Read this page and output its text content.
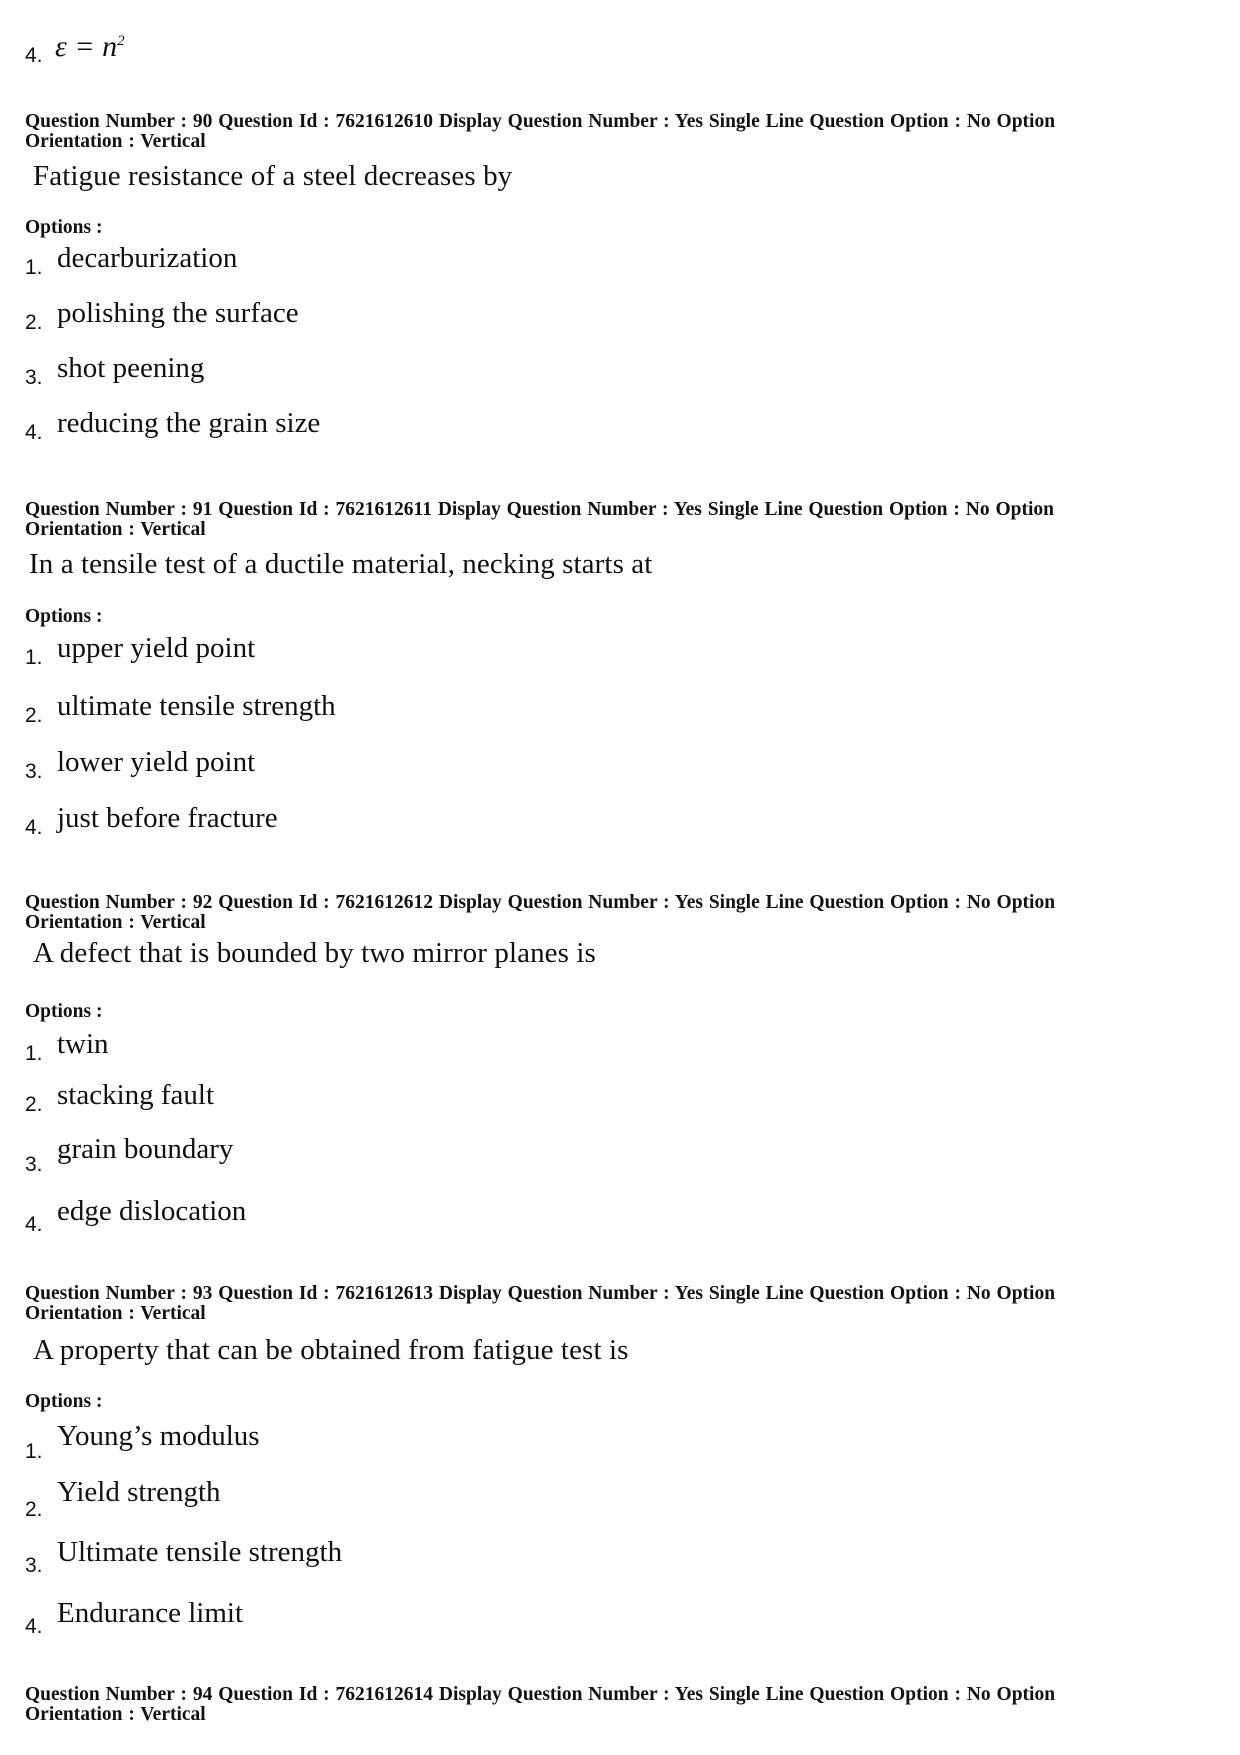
4. $\varepsilon = n^2$
Question Number : 90 Question Id : 7621612610 Display Question Number : Yes Single Line Question Option : No Option
Orientation : Vertical
Fatigue resistance of a steel decreases by
Options :
1. decarburization
2. polishing the surface
3. shot peening
4. reducing the grain size
Question Number : 91 Question Id : 7621612611 Display Question Number : Yes Single Line Question Option : No Option
Orientation : Vertical
In a tensile test of a ductile material, necking starts at
Options :
1. upper yield point
2. ultimate tensile strength
3. lower yield point
4. just before fracture
Question Number : 92 Question Id : 7621612612 Display Question Number : Yes Single Line Question Option : No Option
Orientation : Vertical
A defect that is bounded by two mirror planes is
Options :
1. twin
2. stacking fault
3. grain boundary
4. edge dislocation
Question Number : 93 Question Id : 7621612613 Display Question Number : Yes Single Line Question Option : No Option
Orientation : Vertical
A property that can be obtained from fatigue test is
Options :
1. Young’s modulus
2.
Yield strength
3. Ultimate tensile strength
4. Endurance limit
Question Number : 94 Question Id : 7621612614 Display Question Number : Yes Single Line Question Option : No Option
Orientation : Vertical
